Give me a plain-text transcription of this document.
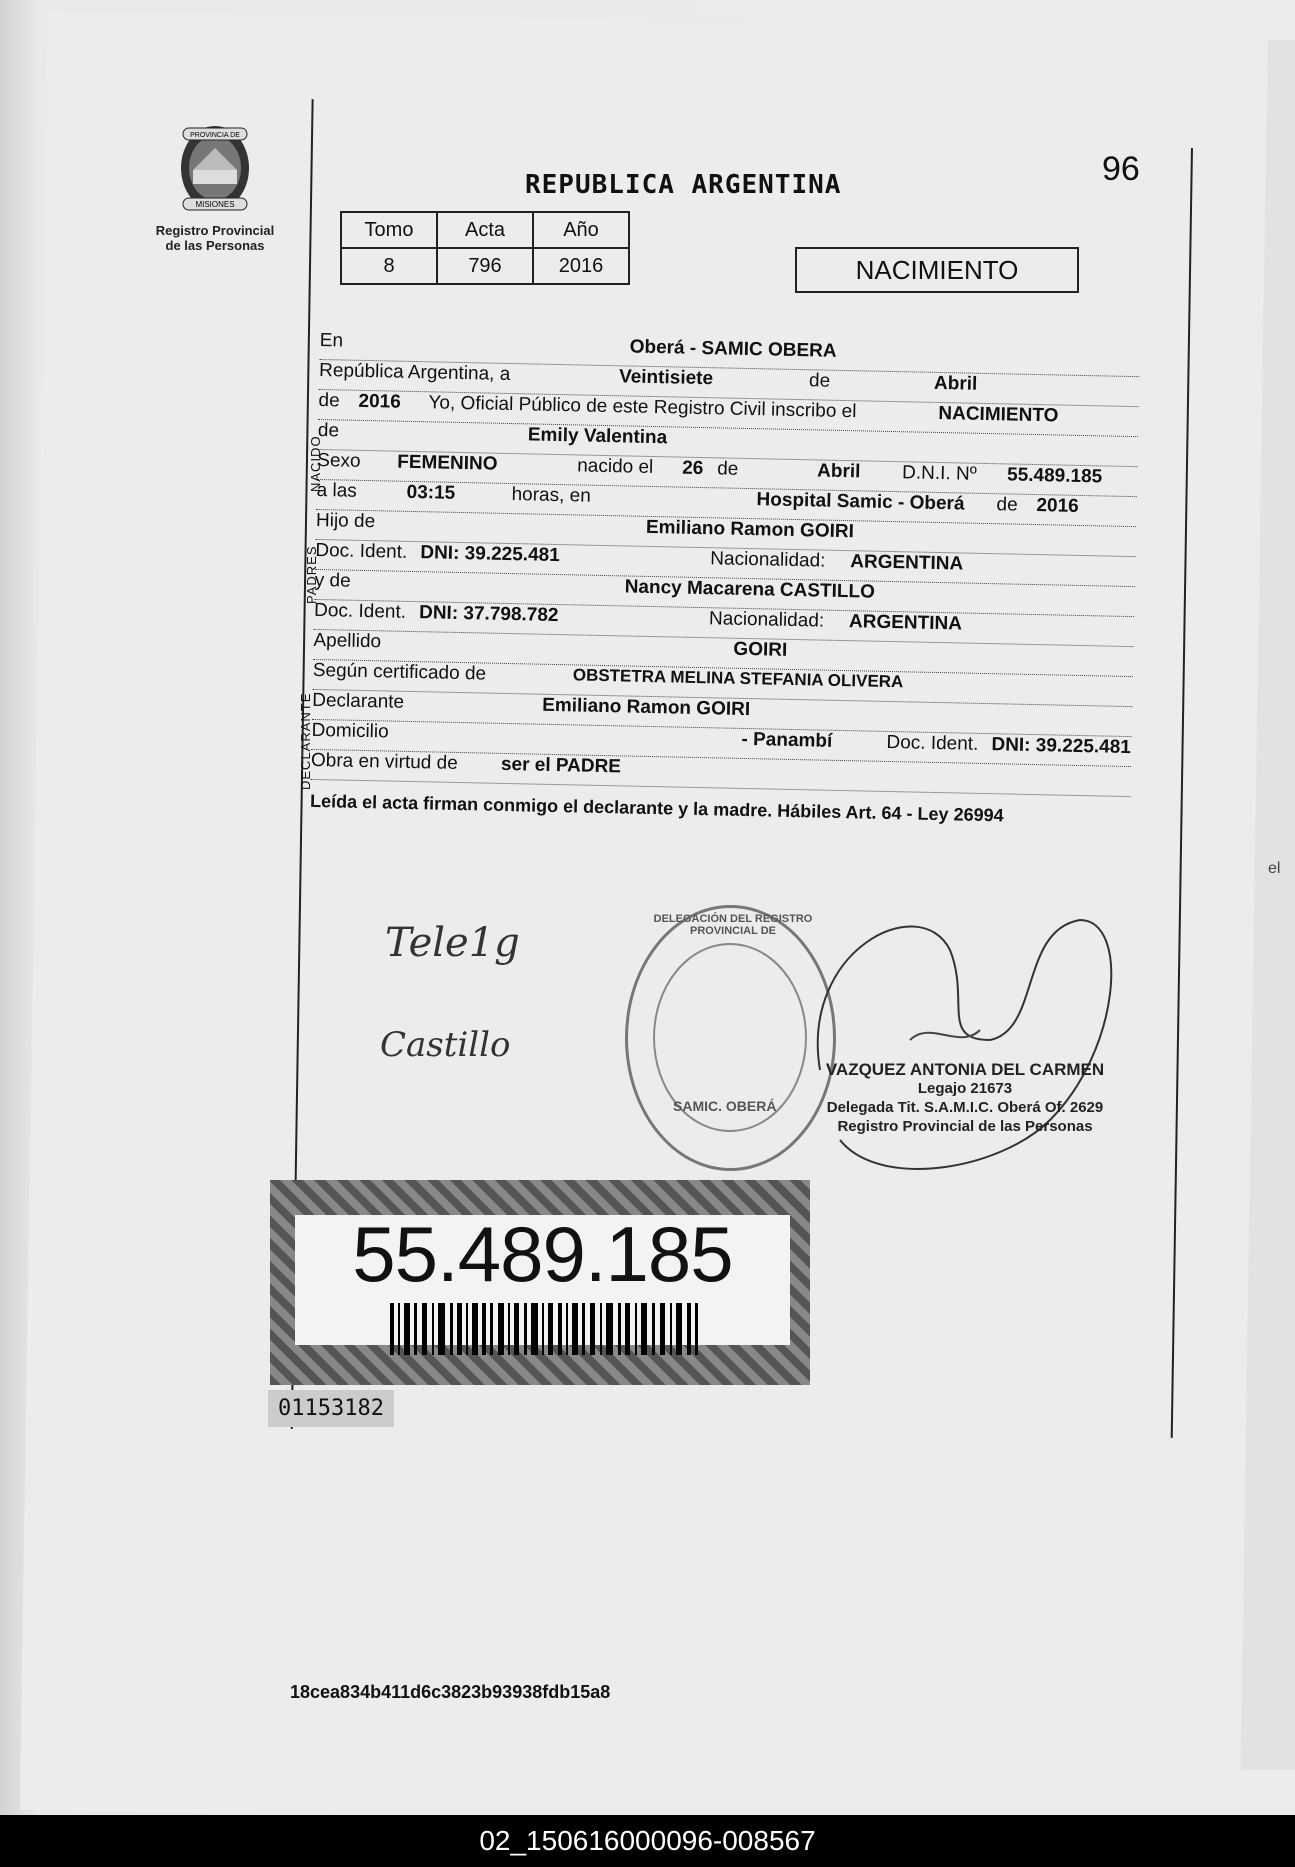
el
PROVINCIA DE
MISIONES
Registro Provincial
de las Personas
REPUBLICA ARGENTINA	96
Tomo	Acta	Año
8	796	2016	NACIMIENTO
En	Oberá - SAMIC OBERA
República Argentina, a	Veintisiete	de	Abril
de 2016 Yo, Oficial Público de este Registro Civil inscribo el	NACIMIENTO
de	Emily Valentina
Sexo FEMENINO	nacido el 26 de	Abril D.N.I. Nº 55.489.185
a las	03:15	horas, en	Hospital Samic - Oberá de 2016
Hijo de	Emiliano Ramon GOIRI
Doc. Ident. DNI: 39.225.481	Nacionalidad: ARGENTINA
y de	Nancy Macarena CASTILLO
Doc. Ident. DNI: 37.798.782	Nacionalidad: ARGENTINA
Apellido	GOIRI
Según certificado de	OBSTETRA MELINA STEFANIA OLIVERA
Declarante	Emiliano Ramon GOIRI
Domicilio	- Panambí	Doc. Ident. DNI: 39.225.481
Obra en virtud de ser el PADRE
Leída el acta firman conmigo el declarante y la madre. Hábiles Art. 64 - Ley 26994
NACIDO
PADRES
DECLARANTE
Tele1g
Castillo
DELEGACIÓN DEL REGISTRO PROVINCIAL DE
SAMIC. OBERÁ
VAZQUEZ ANTONIA DEL CARMEN
Legajo 21673
Delegada Tit. S.A.M.I.C. Oberá Of. 2629
Registro Provincial de las Personas
55.489.185
01153182
18cea834b411d6c3823b93938fdb15a8
02_150616000096-008567
